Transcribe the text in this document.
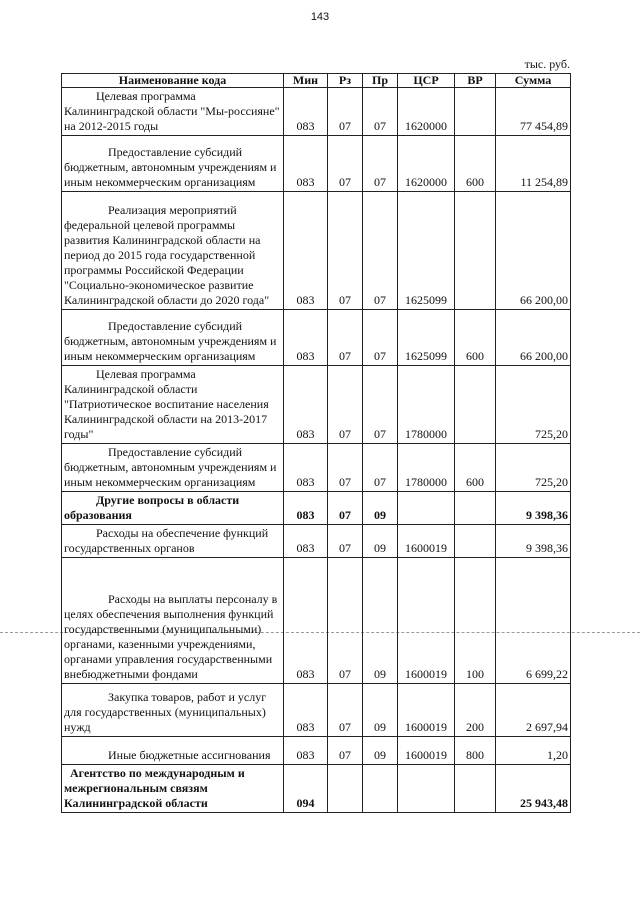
143
тыс. руб.
Наименование кода	Мин	Рз	Пр	ЦСР	ВР	Сумма
Целевая программа Калининградской области "Мы-россияне" на 2012-2015 годы	083	07	07	1620000		77 454,89
Предоставление субсидий бюджетным, автономным учреждениям и иным некоммерческим организациям	083	07	07	1620000	600	11 254,89
Реализация мероприятий федеральной целевой программы развития Калининградской области на период до 2015 года государственной программы Российской Федерации "Социально-экономическое развитие Калининградской области до 2020 года"	083	07	07	1625099		66 200,00
Предоставление субсидий бюджетным, автономным учреждениям и иным некоммерческим организациям	083	07	07	1625099	600	66 200,00
Целевая программа Калининградской области "Патриотическое воспитание населения Калининградской области на 2013-2017 годы"	083	07	07	1780000		725,20
Предоставление субсидий бюджетным, автономным учреждениям и иным некоммерческим организациям	083	07	07	1780000	600	725,20
Другие вопросы в области образования	083	07	09			9 398,36
Расходы на обеспечение функций государственных органов	083	07	09	1600019		9 398,36
Расходы на выплаты персоналу в целях обеспечения выполнения функций государственными (муниципальными) органами, казенными учреждениями, органами управления государственными внебюджетными фондами	083	07	09	1600019	100	6 699,22
Закупка товаров, работ и услуг для государственных (муниципальных) нужд	083	07	09	1600019	200	2 697,94
Иные бюджетные ассигнования	083	07	09	1600019	800	1,20
Агентство по международным и межрегиональным связям Калининградской области	094					25 943,48
